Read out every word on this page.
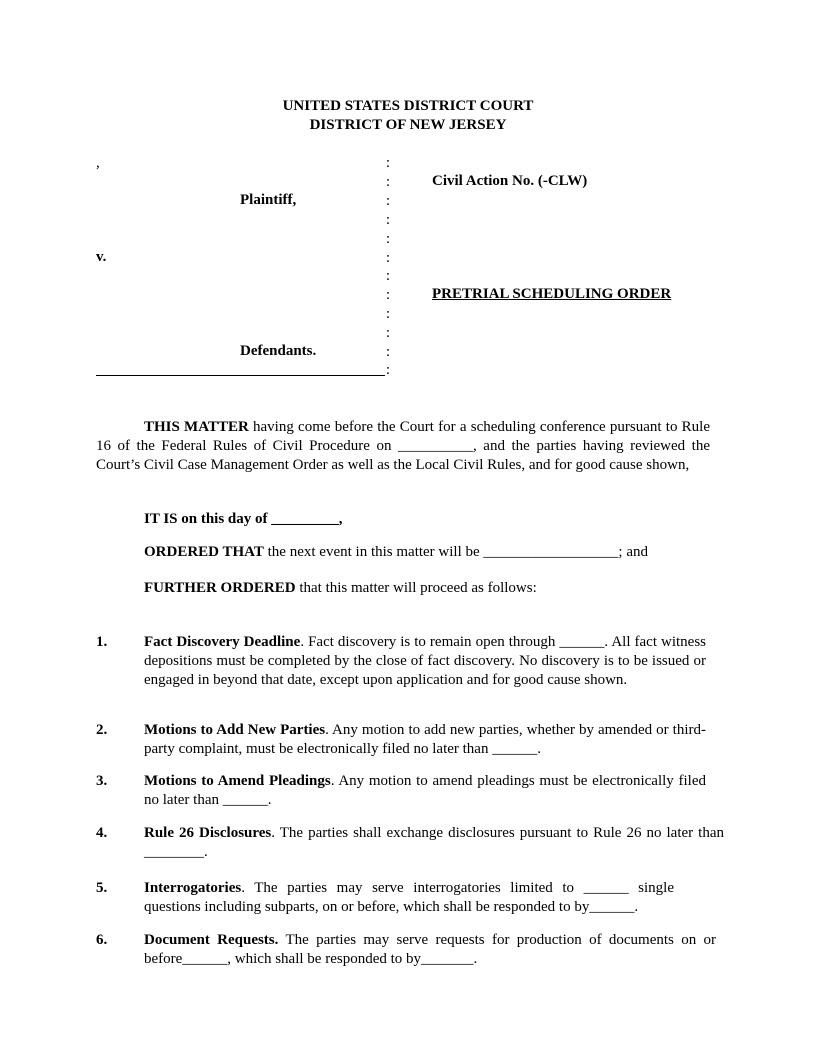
UNITED STATES DISTRICT COURT
DISTRICT OF NEW JERSEY
,
Plaintiff,
v.
Defendants.
:
:
:
:
:
:
:
:
:
:
:
:
Civil Action No. (-CLW)
PRETRIAL SCHEDULING ORDER
THIS MATTER having come before the Court for a scheduling conference pursuant to Rule 16 of the Federal Rules of Civil Procedure on __________, and the parties having reviewed the Court’s Civil Case Management Order as well as the Local Civil Rules, and for good cause shown,
IT IS on this day of _________,
ORDERED THAT the next event in this matter will be __________________; and
FURTHER ORDERED that this matter will proceed as follows:
1. Fact Discovery Deadline. Fact discovery is to remain open through ______. All fact witness depositions must be completed by the close of fact discovery. No discovery is to be issued or engaged in beyond that date, except upon application and for good cause shown.
2. Motions to Add New Parties. Any motion to add new parties, whether by amended or third-party complaint, must be electronically filed no later than ______.
3. Motions to Amend Pleadings. Any motion to amend pleadings must be electronically filed no later than ______.
4. Rule 26 Disclosures. The parties shall exchange disclosures pursuant to Rule 26 no later than ________.
5. Interrogatories. The parties may serve interrogatories limited to ______ single questions including subparts, on or before, which shall be responded to by______.
6. Document Requests. The parties may serve requests for production of documents on or before______, which shall be responded to by_______.
